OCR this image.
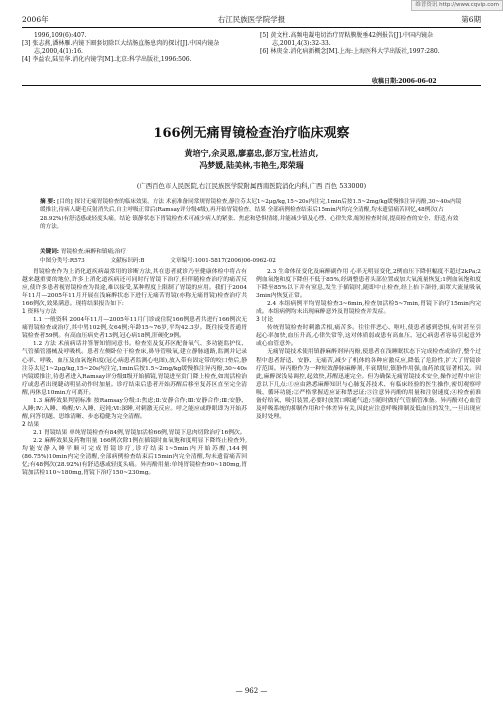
维普资讯 http://www.cqvip.com
2006年	右江民族医学院学报	第6期
1996,109(6):407.
[3] 张志燕,潘林雁.内镜下圈套切除巨大结肠直肠息肉的探讨[J].中国内镜杂志,2000,4(1):16.
[4] 李益农,陆星华.消化内镜学[M].北京:科学出版社,1996:506.
[5] 黄文柱.高频电凝电切治疗胃粘膜脱垂42例报告[J].中国内镜杂志,2001,4(3):32-33.
[6] 林庚金.消化病新概念[M].上海:上海医科大学出版社,1997:280.
收稿日期:2006-06-02
166例无痛胃镜检查治疗临床观察
黄培宁,余灵恩,廖嘉忠,彭万宝,杜洁贞,
冯梦媛,陆美林,韦艳生,郑荣瑞
(广西百色市人民医院,右江民族医学院附属西南医院消化内科,广西 百色 533000)
摘 要: [目的] 探讨无痛胃镜检查的临床效果。方法 术前准备同常规胃镜检查,静注芬太尼1~2μg/kg,15~20s内注完,1min后按1.5~2mg/kg缓慢推注异丙酚,30~40s内镜缓推注,待病人睫毛反射消失后,自主呼吸正常后(Ramsay评分级4级),再开始胃镜检查。结果 全部病例检查结束后15min内均完全清醒,均未遗留痛苦回忆,48例次(占28.92%)有舒适感或轻度头痛。结论 镇静状态下胃镜检查术可减少病人的紧张、焦虑和恐惧情绪,并能减少镇及心悸、心律失常,缩短检查时间,提高检查的安全、舒适,有效的方法。
关键词: 胃镜检查;麻醉和镇痛;治疗
中图分类号:R573	文献标识码:B	文章编号:1001-5817(2006)06-0962-02

胃镜检查作为上消化道疾病最常用的诊断方法,其在患者就诊乃至健康体检中将占有越来越重要的地位,许多上消化道疾病还可同时行胃镜下治疗,但伴随检查治疗的痛苦反应,使许多患者视胃镜检查为畏途,难以接受,某种程度上限制了胃镜的应用。我们于2004年11月—2005年11月开展在浅麻醉状态下进行无痛苦胃镜(亦称无痛胃镜)检查治疗共166例次,效果满意。现将结果报告如下:

1 资料与方法

1.1 一般资料 2004年11月—2005年11月门诊或住院166例患者共进行166例次无痛胃镜检查或治疗,其中男102例,女64例;年龄15~76岁,平均42.3岁。既往接受普通胃镜检查者59例。有高血压病史者13例,冠心病18例,肝硬化9例。

1.2 方法 术前病话并签署知情同意书。检查室及复苏区配备氧气、多功能监护仪、气管插管器械及呼吸机。患者左侧卧位于检查床,鼻导管吸氧,建立静脉通路,监测并记录心率、呼吸、血压及血氧饱和度(冠心病患者监测心电图),放入带有固定带的咬口垫后,静注芬太尼1~2μg/kg,15~20s内注完,1min后按1.5~2mg/kg缓慢推注异丙酚,30~40s内镜缓推注,待患者进入Ramsay评分级Ⅱ级开始插镜,胃镜进至贲门降上检查,如需活检治疗或患者出现睫动明显动作时加量。诊疗结束后患者开始苏醒后移至复苏区直至完全清醒,再休息10min方可离开。

1.3 麻醉效果判别标准 按Ramsay分级:Ⅰ:焦虑;Ⅱ:安静合作;Ⅲ:安静合作;Ⅲ:安静、入睡;Ⅳ:入睡、唤醒;Ⅴ:入睡、迟钝;Ⅵ:深睡,对刺激无反应。呼之能应或睁眼即为开始苏醒,问答切题、思维清晰、步态稳健为完全清醒。

2 结果

2.1 胃镜结果 单纯胃镜检查有84例,胃镜加活检66例,胃镜下息肉切除治疗16例次。

2.2 麻醉效果及药物用量 166例次除1例在插镜时血氧饱和度明显下降终止检查外,均能安静入睡平顺可完成胃镜诊疗,诊疗结束1~5min内开始苏醒,144例(86.75%)10min内完全清醒,全部病例检查结束后15min内完全清醒,均未遗留痛苦回忆;有48例次(28.92%)有舒适感或轻度头痛。异丙酚用量:单纯胃镜检查90~180mg,胃镜加活检110~180mg,胃镜下治疗150~230mg。

2.3 生命体征变化及麻醉副作用 心率无明显变化,2例血压下降但幅度不超过2kPa;2例血氧饱和度下降但不低于85%,经调整患者头部位置或加大氧流量恢复;1例血氧饱和度下降至85%以下并有窒息,发生于插镜时,随即中止检查,经上抬下颌骨,面罩大流量吸氧3min内恢复正常。

2.4 本组病例平均胃镜检查3~6min,检查加活检5~7min,胃镜下治疗15min内完成。本组病例均未出现麻醉意外及胃镜检查并发症。

3 讨论

传统胃镜检查时刺激舌根,痛苦多。往往伴恶心、呕吐,使患者感到恐惧,有时甚至引起心率加快,血压升高,心律失常等,这对体质弱或患有高血压、冠心病患者容易引起意外或心血管意外。

无痛胃镜技术使用镇静麻醉剂异丙酚,使患者在浅睡眠状态下完成检查或治疗,整个过程中患者舒适、安静、无痛苦,减少了机体的各种应激反应,降低了危险性,扩大了胃镜诊疗范围。异丙酚作为一种短效静脉麻醉剂,半衰期短,镇静作用强,血药浓度显著相关。因此,麻醉深浅易调控,起效快,苏醒迅速完全。但为确保无痛胃镜技术安全,操作过程中应注意以下几点:①应由熟悉麻醉知识与心肺复苏技术、有临床经验的医生操作,密切观察呼吸、循环功能;②严格掌握适应证和禁忌证;③注意异丙酚的用量和注射速度;④检查前准备好给氧、吸引装置,必要时放置口咽通气道;⑤随时做好气管插管准备。异丙酚对心血管及呼吸系统的抑制作用和个体差异有关,因此应注意呼吸抑制及低血压的发生,一旦出现应及时处理。

— 962 —
